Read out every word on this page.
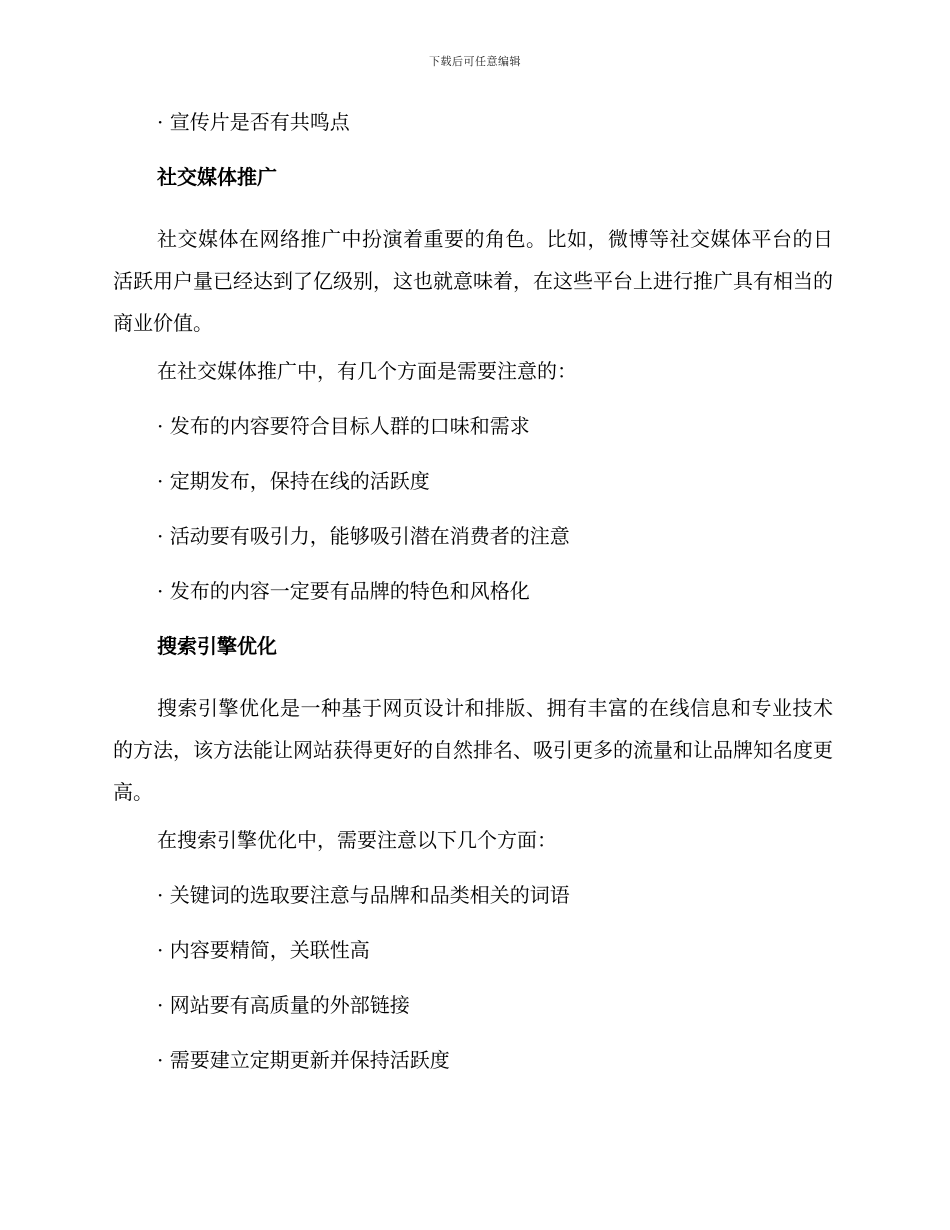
下载后可任意编辑
· 宣传片是否有共鸣点
社交媒体推广

社交媒体在网络推广中扮演着重要的角色。比如，微博等社交媒体平台的日活跃用户量已经达到了亿级别，这也就意味着，在这些平台上进行推广具有相当的商业价值。

在社交媒体推广中，有几个方面是需要注意的：
· 发布的内容要符合目标人群的口味和需求
· 定期发布，保持在线的活跃度
· 活动要有吸引力，能够吸引潜在消费者的注意
· 发布的内容一定要有品牌的特色和风格化
搜索引擎优化

搜索引擎优化是一种基于网页设计和排版、拥有丰富的在线信息和专业技术的方法，该方法能让网站获得更好的自然排名、吸引更多的流量和让品牌知名度更高。

在搜索引擎优化中，需要注意以下几个方面：
· 关键词的选取要注意与品牌和品类相关的词语
· 内容要精简，关联性高
· 网站要有高质量的外部链接
· 需要建立定期更新并保持活跃度
